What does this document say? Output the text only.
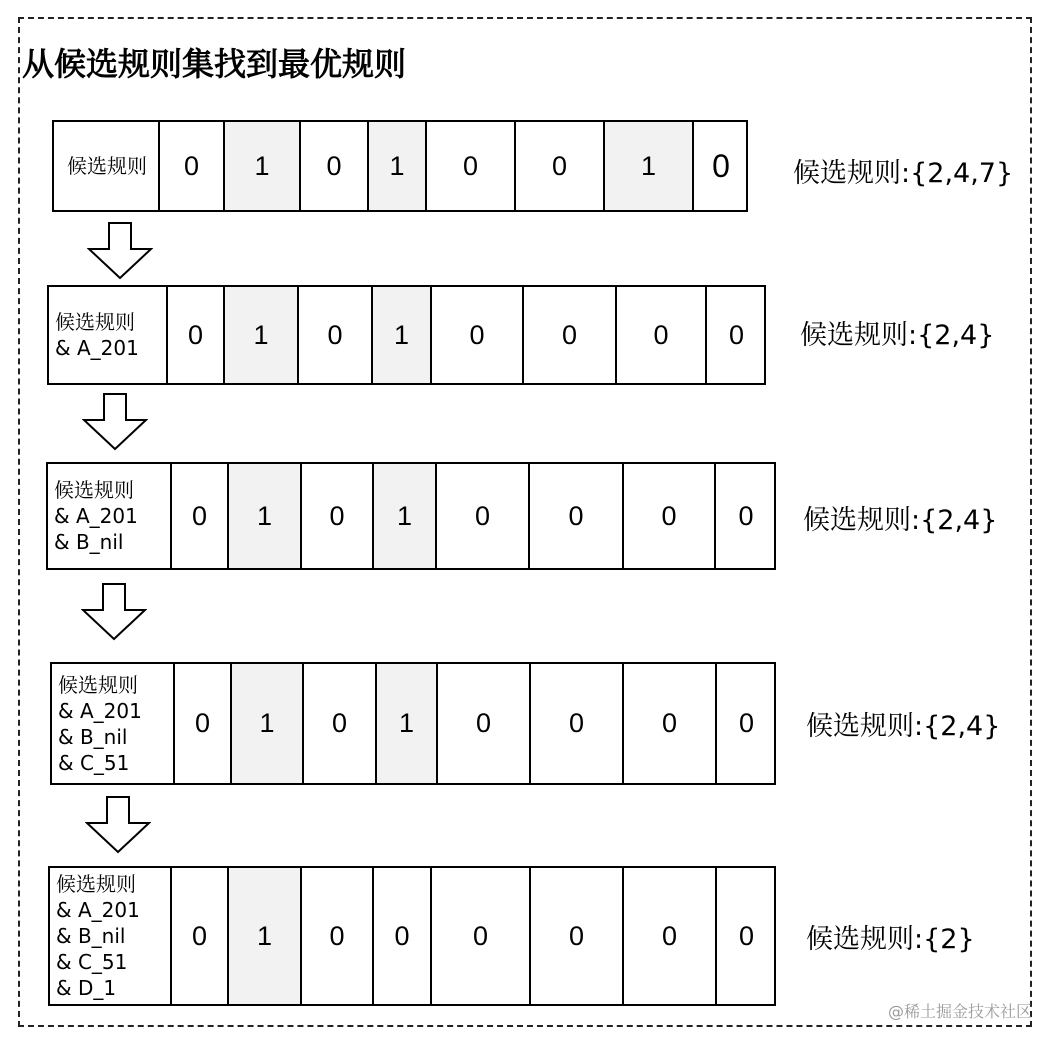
从候选规则集找到最优规则
候选规则	0	1	0	1	0	0	1	0	候选规则:{2,4,7}
候选规则
& A_201	0	1	0	1	0	0	0	0	候选规则:{2,4}
候选规则
& A_201
& B_nil
0	1	0	1	0	0	0	0	候选规则:{2,4}
候选规则
& A_201
& B_nil
& C_51
0	1	0	1	0	0	0	0	候选规则:{2,4}
候选规则
& A_201
& B_nil
& C_51
& D_1
0	1	0	0	0	0	0	0	候选规则:{2}
@稀土掘金技术社区
